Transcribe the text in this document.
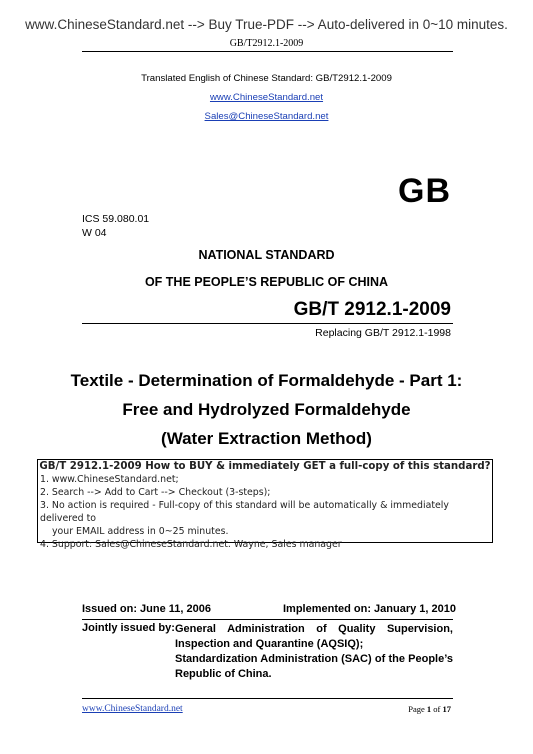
www.ChineseStandard.net --> Buy True-PDF --> Auto-delivered in 0~10 minutes.
GB/T2912.1-2009
Translated English of Chinese Standard: GB/T2912.1-2009
www.ChineseStandard.net
Sales@ChineseStandard.net
GB
ICS 59.080.01
W 04
NATIONAL STANDARD
OF THE PEOPLE’S REPUBLIC OF CHINA
GB/T 2912.1-2009
Replacing GB/T 2912.1-1998
Textile - Determination of Formaldehyde - Part 1:
Free and Hydrolyzed Formaldehyde
(Water Extraction Method)
GB/T 2912.1-2009 How to BUY & immediately GET a full-copy of this standard?
1. www.ChineseStandard.net;
2. Search --> Add to Cart --> Checkout (3-steps);
3. No action is required - Full-copy of this standard will be automatically & immediately delivered to
your EMAIL address in 0~25 minutes.
4. Support: Sales@ChineseStandard.net. Wayne, Sales manager
Issued on: June 11, 2006	Implemented on: January 1, 2010
Jointly issued by: General Administration of Quality Supervision, Inspection and Quarantine (AQSIQ);
Standardization Administration (SAC) of the People’s Republic of China.
www.ChineseStandard.net	Page 1 of 17
